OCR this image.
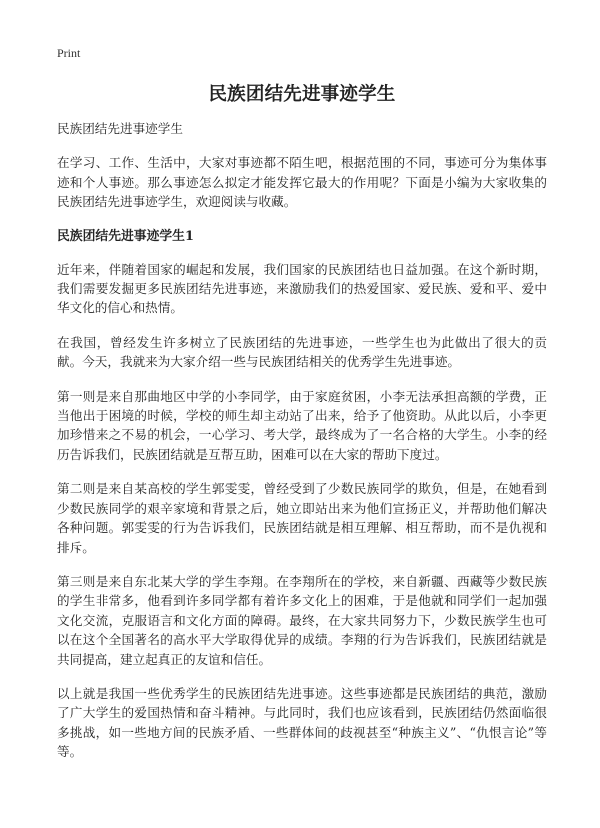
Print
民族团结先进事迹学生

民族团结先进事迹学生

在学习、工作、生活中，大家对事迹都不陌生吧，根据范围的不同，事迹可分为集体事迹和个人事迹。那么事迹怎么拟定才能发挥它最大的作用呢？下面是小编为大家收集的民族团结先进事迹学生，欢迎阅读与收藏。

民族团结先进事迹学生1

近年来，伴随着国家的崛起和发展，我们国家的民族团结也日益加强。在这个新时期，我们需要发掘更多民族团结先进事迹，来激励我们的热爱国家、爱民族、爱和平、爱中华文化的信心和热情。

在我国，曾经发生许多树立了民族团结的先进事迹，一些学生也为此做出了很大的贡献。今天，我就来为大家介绍一些与民族团结相关的优秀学生先进事迹。

第一则是来自那曲地区中学的小李同学，由于家庭贫困，小李无法承担高额的学费，正当他出于困境的时候，学校的师生却主动站了出来，给予了他资助。从此以后，小李更加珍惜来之不易的机会，一心学习、考大学，最终成为了一名合格的大学生。小李的经历告诉我们，民族团结就是互帮互助，困难可以在大家的帮助下度过。

第二则是来自某高校的学生郭雯雯，曾经受到了少数民族同学的欺负，但是，在她看到少数民族同学的艰辛家境和背景之后，她立即站出来为他们宣扬正义，并帮助他们解决各种问题。郭雯雯的行为告诉我们，民族团结就是相互理解、相互帮助，而不是仇视和排斥。

第三则是来自东北某大学的学生李翔。在李翔所在的学校，来自新疆、西藏等少数民族的学生非常多，他看到许多同学都有着许多文化上的困难，于是他就和同学们一起加强文化交流，克服语言和文化方面的障碍。最终，在大家共同努力下，少数民族学生也可以在这个全国著名的高水平大学取得优异的成绩。李翔的行为告诉我们，民族团结就是共同提高，建立起真正的友谊和信任。

以上就是我国一些优秀学生的民族团结先进事迹。这些事迹都是民族团结的典范，激励了广大学生的爱国热情和奋斗精神。与此同时，我们也应该看到，民族团结仍然面临很多挑战，如一些地方间的民族矛盾、一些群体间的歧视甚至“种族主义”、“仇恨言论”等等。
